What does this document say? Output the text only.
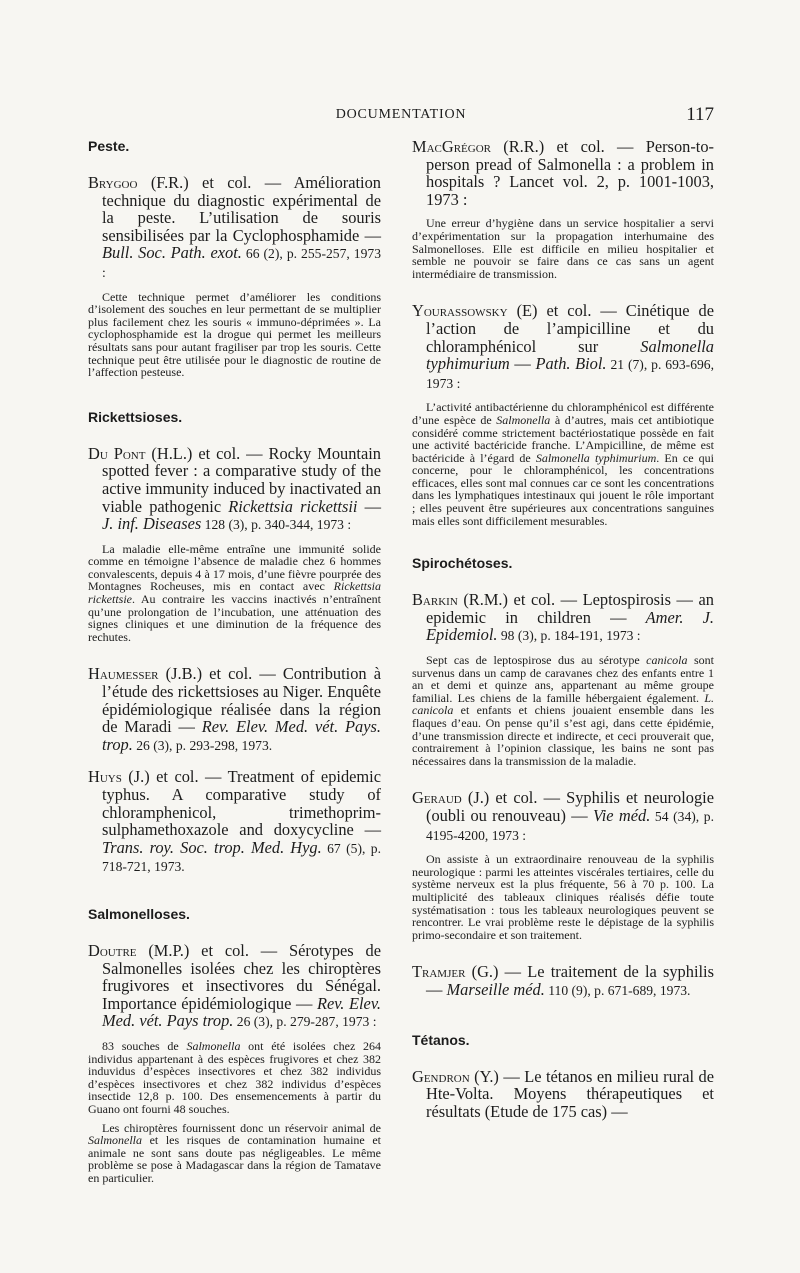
DOCUMENTATION	117
Peste.

Brygoo (F.R.) et col. — Amélioration technique du diagnostic expérimental de la peste. L’utilisation de souris sensibilisées par la Cyclophosphamide — Bull. Soc. Path. exot. 66 (2), p. 255-257, 1973 :

Cette technique permet d’améliorer les conditions d’isolement des souches en leur permettant de se multiplier plus facilement chez les souris « immuno-déprimées ». La cyclophosphamide est la drogue qui permet les meilleurs résultats sans pour autant fragiliser par trop les souris. Cette technique peut être utilisée pour le diagnostic de routine de l’affection pesteuse.

Rickettsioses.

Du Pont (H.L.) et col. — Rocky Mountain spotted fever : a comparative study of the active immunity induced by inactivated an viable pathogenic Rickettsia rickettsii — J. inf. Diseases 128 (3), p. 340-344, 1973 :

La maladie elle-même entraîne une immunité solide comme en témoigne l’absence de maladie chez 6 hommes convalescents, depuis 4 à 17 mois, d’une fièvre pourprée des Montagnes Rocheuses, mis en contact avec Rickettsia rickettsie. Au contraire les vaccins inactivés n’entraînent qu’une prolongation de l’incubation, une atténuation des signes cliniques et une diminution de la fréquence des rechutes.

Haumesser (J.B.) et col. — Contribution à l’étude des rickettsioses au Niger. Enquête épidémiologique réalisée dans la région de Maradi — Rev. Elev. Med. vét. Pays. trop. 26 (3), p. 293-298, 1973.

Huys (J.) et col. — Treatment of epidemic typhus. A comparative study of chloramphenicol, trimethoprim-sulphamethoxazole and doxycycline — Trans. roy. Soc. trop. Med. Hyg. 67 (5), p. 718-721, 1973.

Salmonelloses.

Doutre (M.P.) et col. — Sérotypes de Salmonelles isolées chez les chiroptères frugivores et insectivores du Sénégal. Importance épidémiologique — Rev. Elev. Med. vét. Pays trop. 26 (3), p. 279-287, 1973 :

83 souches de Salmonella ont été isolées chez 264 individus appartenant à des espèces frugivores et chez 382 induvidus d’espèces insectivores et chez 382 individus d’espèces insectivores et chez 382 individus d’espèces insectide 12,8 p. 100. Des ensemencements à partir du Guano ont fourni 48 souches.

Les chiroptères fournissent donc un réservoir animal de Salmonella et les risques de contamination humaine et animale ne sont sans doute pas négligeables. Le même problème se pose à Madagascar dans la région de Tamatave en particulier.

MacGrégor (R.R.) et col. — Person-to-person pread of Salmonella : a problem in hospitals ? Lancet vol. 2, p. 1001-1003, 1973 :

Une erreur d’hygiène dans un service hospitalier a servi d’expérimentation sur la propagation interhumaine des Salmonelloses. Elle est difficile en milieu hospitalier et semble ne pouvoir se faire dans ce cas sans un agent intermédiaire de transmission.

Yourassowsky (E) et col. — Cinétique de l’action de l’ampicilline et du chloramphénicol sur Salmonella typhimurium — Path. Biol. 21 (7), p. 693-696, 1973 :

L’activité antibactérienne du chloramphénicol est différente d’une espèce de Salmonella à d’autres, mais cet antibiotique considéré comme strictement bactériostatique possède en fait une activité bactéricide franche. L’Ampicilline, de même est bactéricide à l’égard de Salmonella typhimurium. En ce qui concerne, pour le chloramphénicol, les concentrations efficaces, elles sont mal connues car ce sont les concentrations dans les lymphatiques intestinaux qui jouent le rôle important ; elles peuvent être supérieures aux concentrations sanguines mais elles sont difficilement mesurables.

Spirochétoses.

Barkin (R.M.) et col. — Leptospirosis — an epidemic in children — Amer. J. Epidemiol. 98 (3), p. 184-191, 1973 :

Sept cas de leptospirose dus au sérotype canicola sont survenus dans un camp de caravanes chez des enfants entre 1 an et demi et quinze ans, appartenant au même groupe familial. Les chiens de la famille hébergaient également. L. canicola et enfants et chiens jouaient ensemble dans les flaques d’eau. On pense qu’il s’est agi, dans cette épidémie, d’une transmission directe et indirecte, et ceci prouverait que, contrairement à l’opinion classique, les bains ne sont pas nécessaires dans la transmission de la maladie.

Geraud (J.) et col. — Syphilis et neurologie (oubli ou renouveau) — Vie méd. 54 (34), p. 4195-4200, 1973 :

On assiste à un extraordinaire renouveau de la syphilis neurologique : parmi les atteintes viscérales tertiaires, celle du système nerveux est la plus fréquente, 56 à 70 p. 100. La multiplicité des tableaux cliniques réalisés défie toute systématisation : tous les tableaux neurologiques peuvent se rencontrer. Le vrai problème reste le dépistage de la syphilis primo-secondaire et son traitement.

Tramjer (G.) — Le traitement de la syphilis — Marseille méd. 110 (9), p. 671-689, 1973.

Tétanos.

Gendron (Y.) — Le tétanos en milieu rural de Hte-Volta. Moyens thérapeutiques et résultats (Etude de 175 cas) —
